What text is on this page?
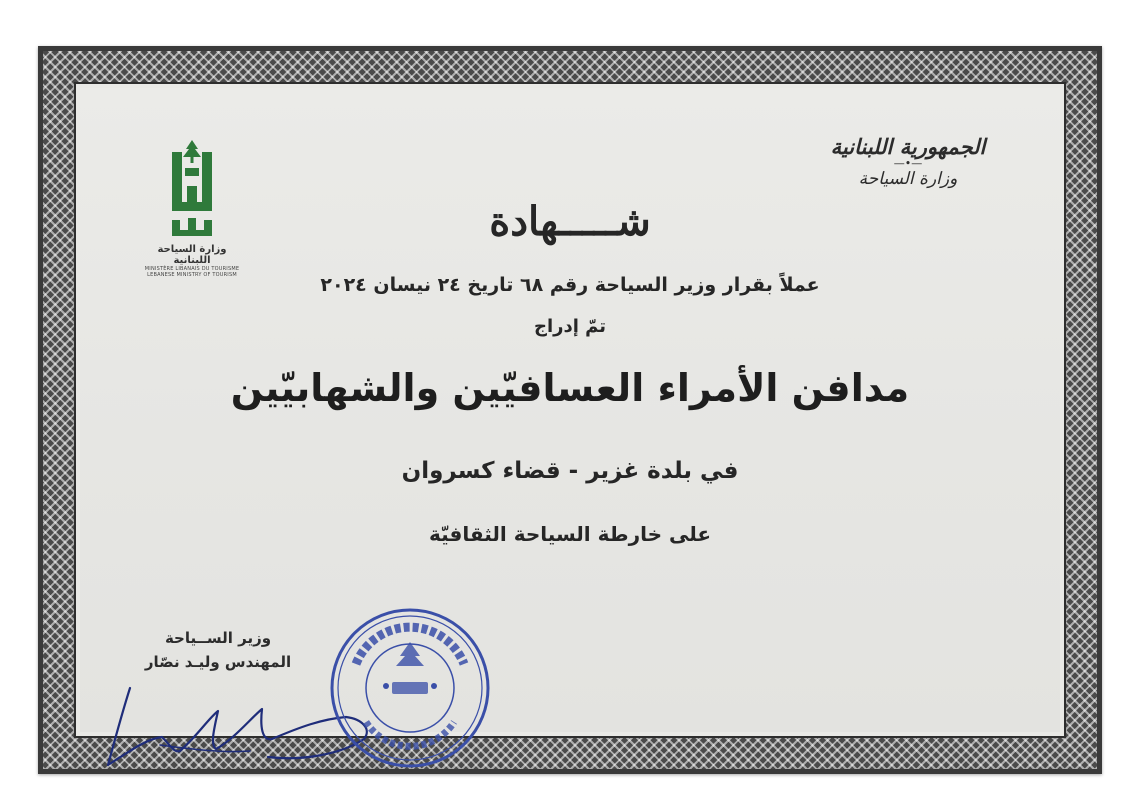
وزارة السياحة اللبنانية
MINISTÈRE LIBANAIS DU TOURISME
LEBANESE MINISTRY OF TOURISM
الجمهورية اللبنانية
—•—
وزارة السياحة
شـــــهادة
عملاً بقرار وزير السياحة رقم ٦٨ تاريخ ٢٤ نيسان ٢٠٢٤
تمّ إدراج
مدافن الأمراء العسافيّين والشهابيّين
في بلدة غزير - قضاء كسروان
على خارطة السياحة الثقافيّة
وزير الســياحة
المهندس وليـد نصّار
